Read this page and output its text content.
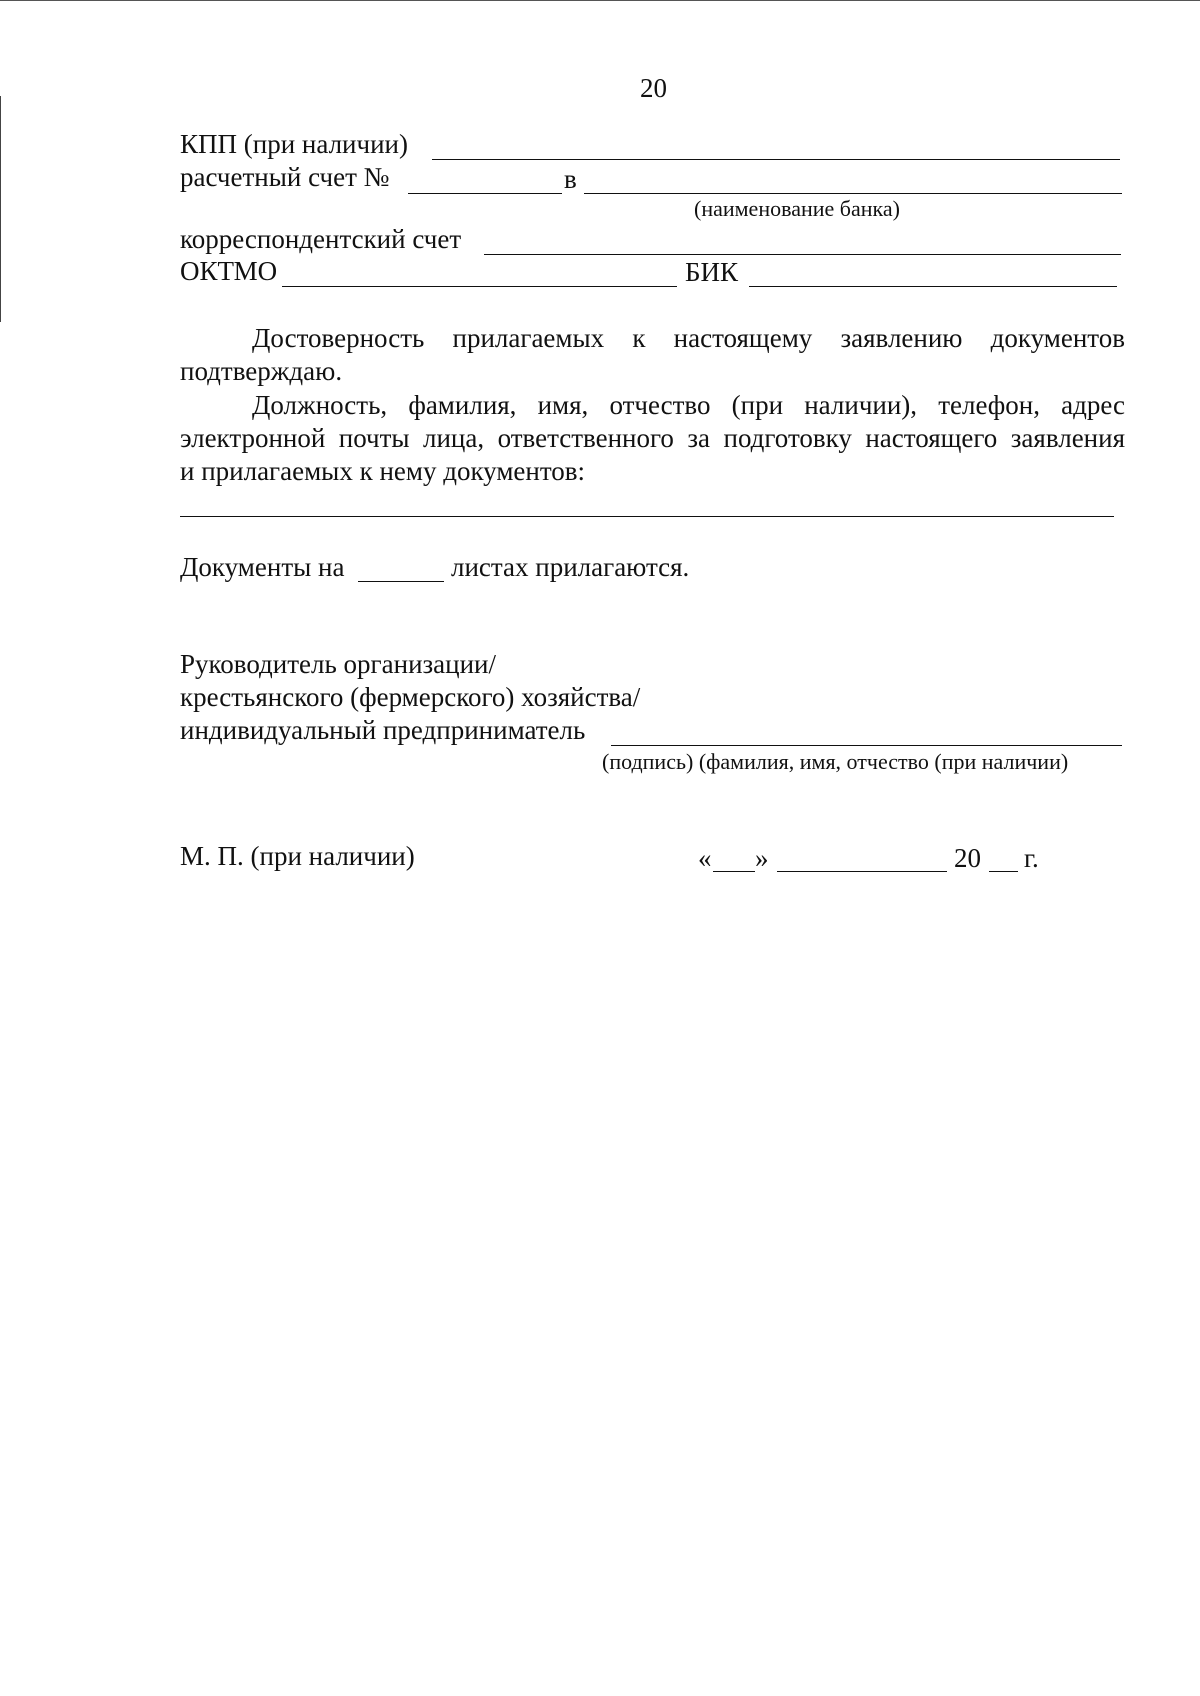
20
КПП (при наличии)
расчетный счет №	в
(наименование банка)
корреспондентский счет
ОКТМО	БИК
Достоверность прилагаемых к настоящему заявлению документов
подтверждаю.
Должность, фамилия, имя, отчество (при наличии), телефон, адрес
электронной почты лица, ответственного за подготовку настоящего заявления
и прилагаемых к нему документов:
Документы на	листах прилагаются.
Руководитель организации/
крестьянского (фермерского) хозяйства/
индивидуальный предприниматель
(подпись) (фамилия, имя, отчество (при наличии)
М. П. (при наличии)	« »	20 г.
